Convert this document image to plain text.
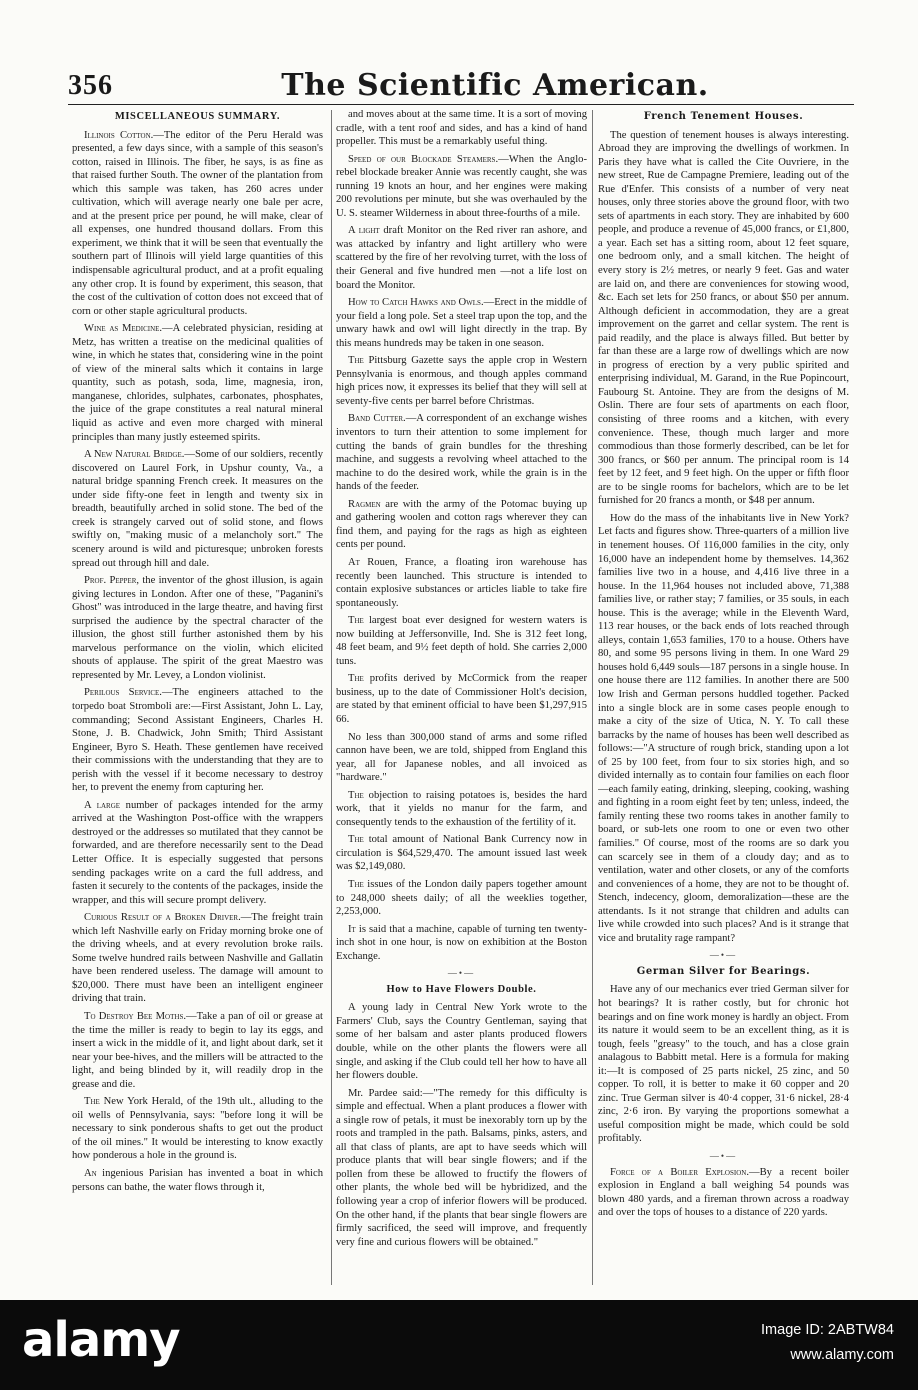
356	The Scientific American.
MISCELLANEOUS SUMMARY.

Illinois Cotton.—The editor of the Peru Herald was presented, a few days since, with a sample of this season's cotton, raised in Illinois. The fiber, he says, is as fine as that raised further South. The owner of the plantation from which this sample was taken, has 260 acres under cultivation, which will average nearly one bale per acre, and at the present price per pound, he will make, clear of all expenses, one hundred thousand dollars. From this experiment, we think that it will be seen that eventually the southern part of Illinois will yield large quantities of this indispensable agricultural product, and at a profit equaling any other crop. It is found by experiment, this season, that the cost of the cultivation of cotton does not exceed that of corn or other staple agricultural products.

Wine as Medicine.—A celebrated physician, residing at Metz, has written a treatise on the medicinal qualities of wine, in which he states that, considering wine in the point of view of the mineral salts which it contains in large quantity, such as potash, soda, lime, magnesia, iron, manganese, chlorides, sulphates, carbonates, phosphates, the juice of the grape constitutes a real natural mineral liquid as active and even more charged with mineral principles than many justly esteemed spirits.

A New Natural Bridge.—Some of our soldiers, recently discovered on Laurel Fork, in Upshur county, Va., a natural bridge spanning French creek. It measures on the under side fifty-one feet in length and twenty six in breadth, beautifully arched in solid stone. The bed of the creek is strangely carved out of solid stone, and flows swiftly on, "making music of a melancholy sort." The scenery around is wild and picturesque; unbroken forests spread out through hill and dale.

Prof. Pepper, the inventor of the ghost illusion, is again giving lectures in London. After one of these, "Paganini's Ghost" was introduced in the large theatre, and having first surprised the audience by the spectral character of the illusion, the ghost still further astonished them by his marvelous performance on the violin, which elicited shouts of applause. The spirit of the great Maestro was represented by Mr. Levey, a London violinist.

Perilous Service.—The engineers attached to the torpedo boat Stromboli are:—First Assistant, John L. Lay, commanding; Second Assistant Engineers, Charles H. Stone, J. B. Chadwick, John Smith; Third Assistant Engineer, Byro S. Heath. These gentlemen have received their commissions with the understanding that they are to perish with the vessel if it become necessary to destroy her, to prevent the enemy from capturing her.

A large number of packages intended for the army arrived at the Washington Post-office with the wrappers destroyed or the addresses so mutilated that they cannot be forwarded, and are therefore necessarily sent to the Dead Letter Office. It is especially suggested that persons sending packages write on a card the full address, and fasten it securely to the contents of the packages, inside the wrapper, and this will secure prompt delivery.

Curious Result of a Broken Driver.—The freight train which left Nashville early on Friday morning broke one of the driving wheels, and at every revolution broke rails. Some twelve hundred rails between Nashville and Gallatin have been rendered useless. The damage will amount to $20,000. There must have been an intelligent engineer driving that train.

To Destroy Bee Moths.—Take a pan of oil or grease at the time the miller is ready to begin to lay its eggs, and insert a wick in the middle of it, and light about dark, set it near your bee-hives, and the millers will be attracted to the light, and being blinded by it, will readily drop in the grease and die.

The New York Herald, of the 19th ult., alluding to the oil wells of Pennsylvania, says: "before long it will be necessary to sink ponderous shafts to get out the product of the oil mines." It would be interesting to know exactly how ponderous a hole in the ground is.

An ingenious Parisian has invented a boat in which persons can bathe, the water flows through it,

and moves about at the same time. It is a sort of moving cradle, with a tent roof and sides, and has a kind of hand propeller. This must be a remarkably useful thing.

Speed of our Blockade Steamers.—When the Anglo-rebel blockade breaker Annie was recently caught, she was running 19 knots an hour, and her engines were making 200 revolutions per minute, but she was overhauled by the U. S. steamer Wilderness in about three-fourths of a mile.

A light draft Monitor on the Red river ran ashore, and was attacked by infantry and light artillery who were scattered by the fire of her revolving turret, with the loss of their General and five hundred men —not a life lost on board the Monitor.

How to Catch Hawks and Owls.—Erect in the middle of your field a long pole. Set a steel trap upon the top, and the unwary hawk and owl will light directly in the trap. By this means hundreds may be taken in one season.

The Pittsburg Gazette says the apple crop in Western Pennsylvania is enormous, and though apples command high prices now, it expresses its belief that they will sell at seventy-five cents per barrel before Christmas.

Band Cutter.—A correspondent of an exchange wishes inventors to turn their attention to some implement for cutting the bands of grain bundles for the threshing machine, and suggests a revolving wheel attached to the machine to do the desired work, while the grain is in the hands of the feeder.

Ragmen are with the army of the Potomac buying up and gathering woolen and cotton rags wherever they can find them, and paying for the rags as high as eighteen cents per pound.

At Rouen, France, a floating iron warehouse has recently been launched. This structure is intended to contain explosive substances or articles liable to take fire spontaneously.

The largest boat ever designed for western waters is now building at Jeffersonville, Ind. She is 312 feet long, 48 feet beam, and 9½ feet depth of hold. She carries 2,000 tuns.

The profits derived by McCormick from the reaper business, up to the date of Commissioner Holt's decision, are stated by that eminent official to have been $1,297,915 66.

No less than 300,000 stand of arms and some rifled cannon have been, we are told, shipped from England this year, all for Japanese nobles, and all invoiced as "hardware."

The objection to raising potatoes is, besides the hard work, that it yields no manur for the farm, and consequently tends to the exhaustion of the fertility of it.

The total amount of National Bank Currency now in circulation is $64,529,470. The amount issued last week was $2,149,080.

The issues of the London daily papers together amount to 248,000 sheets daily; of all the weeklies together, 2,253,000.

It is said that a machine, capable of turning ten twenty-inch shot in one hour, is now on exhibition at the Boston Exchange.

—•—
How to Have Flowers Double.

A young lady in Central New York wrote to the Farmers' Club, says the Country Gentleman, saying that some of her balsam and aster plants produced flowers double, while on the other plants the flowers were all single, and asking if the Club could tell her how to have all her flowers double.

Mr. Pardee said:—"The remedy for this difficulty is simple and effectual. When a plant produces a flower with a single row of petals, it must be inexorably torn up by the roots and trampled in the path. Balsams, pinks, asters, and all that class of plants, are apt to have seeds which will produce plants that will bear single flowers; and if the pollen from these be allowed to fructify the flowers of other plants, the whole bed will be hybridized, and the following year a crop of inferior flowers will be produced. On the other hand, if the plants that bear single flowers are firmly sacrificed, the seed will improve, and frequently very fine and curious flowers will be obtained."

French Tenement Houses.

The question of tenement houses is always interesting. Abroad they are improving the dwellings of workmen. In Paris they have what is called the Cite Ouvriere, in the new street, Rue de Campagne Premiere, leading out of the Rue d'Enfer. This consists of a number of very neat houses, only three stories above the ground floor, with two sets of apartments in each story. They are inhabited by 600 people, and produce a revenue of 45,000 francs, or £1,800, a year. Each set has a sitting room, about 12 feet square, one bedroom only, and a small kitchen. The height of every story is 2½ metres, or nearly 9 feet. Gas and water are laid on, and there are conveniences for stowing wood, &c. Each set lets for 250 francs, or about $50 per annum. Although deficient in accommodation, they are a great improvement on the garret and cellar system. The rent is paid readily, and the place is always filled. But better by far than these are a large row of dwellings which are now in progress of erection by a very public spirited and enterprising individual, M. Garand, in the Rue Popincourt, Faubourg St. Antoine. They are from the designs of M. Oslin. There are four sets of apartments on each floor, consisting of three rooms and a kitchen, with every convenience. These, though much larger and more commodious than those formerly described, can be let for 300 francs, or $60 per annum. The principal room is 14 feet by 12 feet, and 9 feet high. On the upper or fifth floor are to be single rooms for bachelors, which are to be let furnished for 20 francs a month, or $48 per annum.

How do the mass of the inhabitants live in New York? Let facts and figures show. Three-quarters of a million live in tenement houses. Of 116,000 families in the city, only 16,000 have an independent home by themselves. 14,362 families live two in a house, and 4,416 live three in a house. In the 11,964 houses not included above, 71,388 families live, or rather stay; 7 families, or 35 souls, in each house. This is the average; while in the Eleventh Ward, 113 rear houses, or the back ends of lots reached through alleys, contain 1,653 families, 170 to a house. Others have 80, and some 95 persons living in them. In one Ward 29 houses hold 6,449 souls—187 persons in a single house. In one house there are 112 families. In another there are 500 low Irish and German persons huddled together. Packed into a single block are in some cases people enough to make a city of the size of Utica, N. Y. To call these barracks by the name of houses has been well described as follows:—"A structure of rough brick, standing upon a lot of 25 by 100 feet, from four to six stories high, and so divided internally as to contain four families on each floor—each family eating, drinking, sleeping, cooking, washing and fighting in a room eight feet by ten; unless, indeed, the family renting these two rooms takes in another family to board, or sub-lets one room to one or even two other families." Of course, most of the rooms are so dark you can scarcely see in them of a cloudy day; and as to ventilation, water and other closets, or any of the comforts and conveniences of a home, they are not to be thought of. Stench, indecency, gloom, demoralization—these are the attendants. Is it not strange that children and adults can live while crowded into such places? And is it strange that vice and brutality rage rampant?

—•—
German Silver for Bearings.

Have any of our mechanics ever tried German silver for hot bearings? It is rather costly, but for chronic hot bearings and on fine work money is hardly an object. From its nature it would seem to be an excellent thing, as it is tough, feels "greasy" to the touch, and has a close grain analagous to Babbitt metal. Here is a formula for making it:—It is composed of 25 parts nickel, 25 zinc, and 50 copper. To roll, it is better to make it 60 copper and 20 zinc. True German silver is 40·4 copper, 31·6 nickel, 28·4 zinc, 2·6 iron. By varying the proportions somewhat a useful composition might be made, which could be sold profitably.

—•—

Force of a Boiler Explosion.—By a recent boiler explosion in England a ball weighing 54 pounds was blown 480 yards, and a fireman thrown across a roadway and over the tops of houses to a distance of 220 yards.

alamy	Image ID: 2ABTW84
www.alamy.com
